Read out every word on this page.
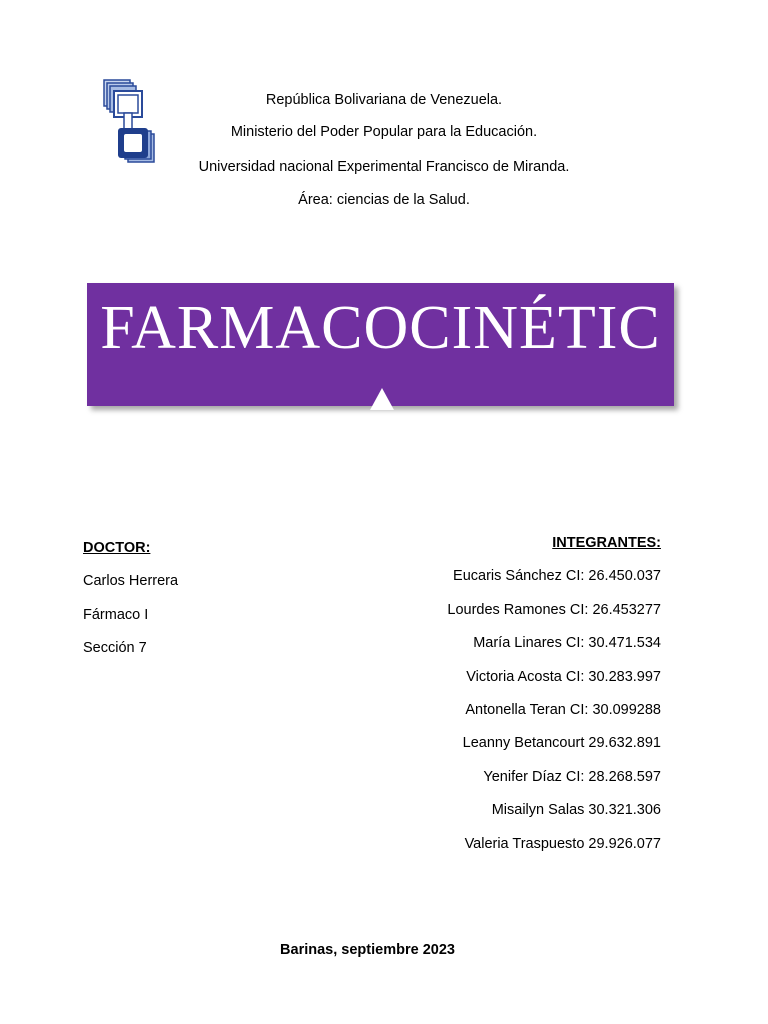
República Bolivariana de Venezuela.
Ministerio del Poder Popular para la Educación.
Universidad nacional Experimental Francisco de Miranda.
Área: ciencias de la Salud.
FARMACOCINÉTIC
DOCTOR:
Carlos Herrera
Fármaco I
Sección 7
INTEGRANTES:
Eucaris Sánchez CI: 26.450.037
Lourdes Ramones CI: 26.453277
María Linares CI: 30.471.534
Victoria Acosta CI: 30.283.997
Antonella Teran CI: 30.099288
Leanny Betancourt 29.632.891
Yenifer Díaz CI: 28.268.597
Misailyn Salas 30.321.306
Valeria Traspuesto 29.926.077
Barinas, septiembre 2023
